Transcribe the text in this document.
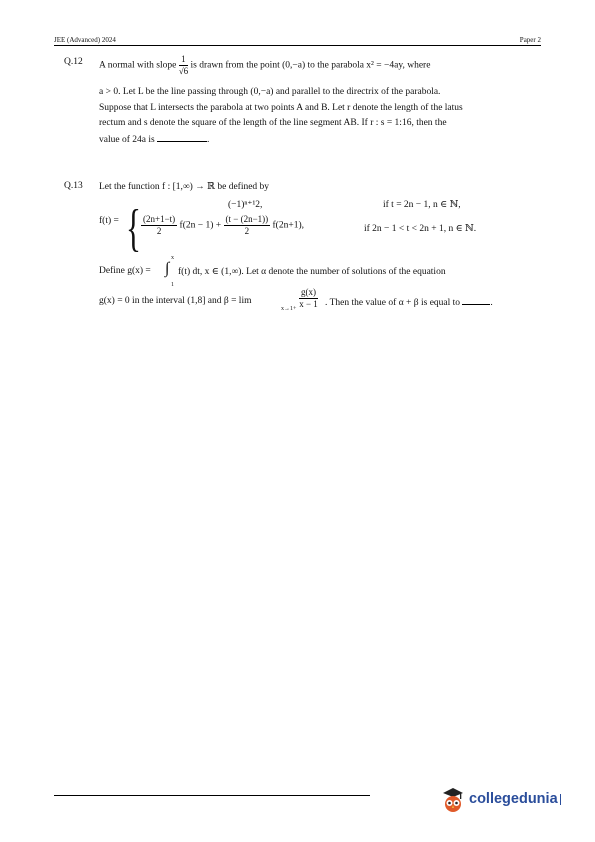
JEE (Advanced) 2024	Paper 2
Q.12 A normal with slope $\frac{1}{√6}$ is drawn from the point (0,−a) to the parabola x² = −4ay, where
a > 0. Let L be the line passing through (0,−a) and parallel to the directrix of the parabola.
Suppose that L intersects the parabola at two points A and B. Let r denote the length of the latus
rectum and s denote the square of the length of the line segment AB. If r : s = 1:16, then the
value of 24a is	.
Q.13 Let the function f : [1,∞) → ℝ be defined by
f(t) = {	(−1)ⁿ⁺¹2,	if t = 2n − 1, n ∈ ℕ,
$\frac{(2n+1-t)}{2} f(2n - 1) + \frac{(t - (2n-1))}{2} f(2n+1)$,	if 2n − 1 < t < 2n + 1, n ∈ ℕ.
Define g(x) =
x
∫
1
f(t) dt, x ∈ (1,∞). Let α denote the number of solutions of the equation
g(x) = 0 in the interval (1,8] and β = lim
$x\to 1+ \frac{g(x)}{x - 1}$ . Then the value of α + β is equal to	.
collegedunia
